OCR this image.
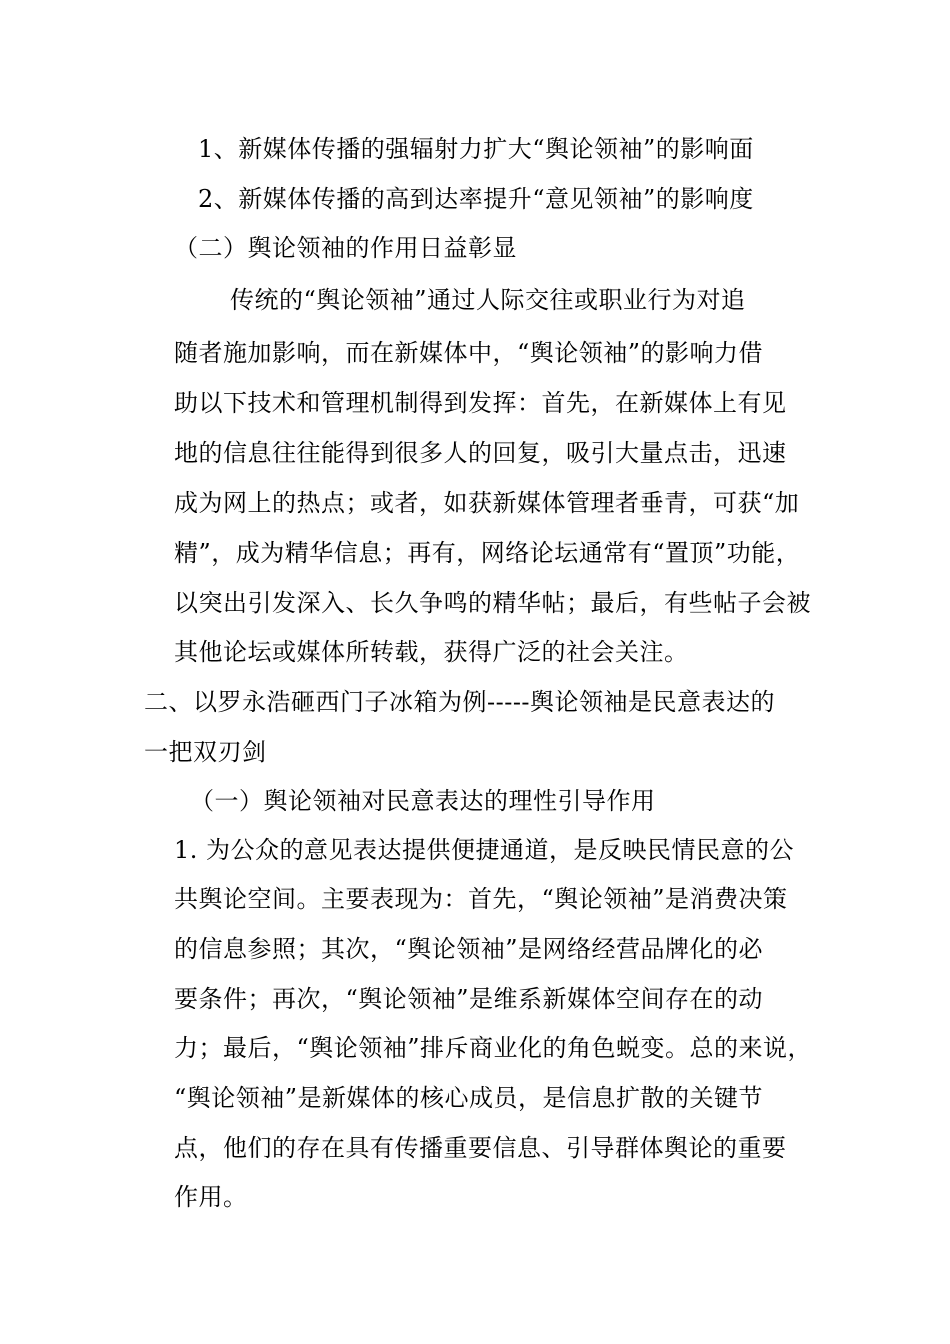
1、新媒体传播的强辐射力扩大“舆论领袖”的影响面
2、新媒体传播的高到达率提升“意见领袖”的影响度
（二）舆论领袖的作用日益彰显
传统的“舆论领袖”通过人际交往或职业行为对追
随者施加影响，而在新媒体中，“舆论领袖”的影响力借
助以下技术和管理机制得到发挥：首先，在新媒体上有见
地的信息往往能得到很多人的回复，吸引大量点击，迅速
成为网上的热点；或者，如获新媒体管理者垂青，可获“加
精”，成为精华信息；再有，网络论坛通常有“置顶”功能，
以突出引发深入、长久争鸣的精华帖；最后，有些帖子会被
其他论坛或媒体所转载，获得广泛的社会关注。
二、以罗永浩砸西门子冰箱为例-----舆论领袖是民意表达的
一把双刃剑
（一）舆论领袖对民意表达的理性引导作用
1. 为公众的意见表达提供便捷通道，是反映民情民意的公
共舆论空间。主要表现为：首先，“舆论领袖”是消费决策
的信息参照；其次，“舆论领袖”是网络经营品牌化的必
要条件；再次，“舆论领袖”是维系新媒体空间存在的动
力；最后，“舆论领袖”排斥商业化的角色蜕变。总的来说，
“舆论领袖”是新媒体的核心成员，是信息扩散的关键节
点，他们的存在具有传播重要信息、引导群体舆论的重要
作用。
